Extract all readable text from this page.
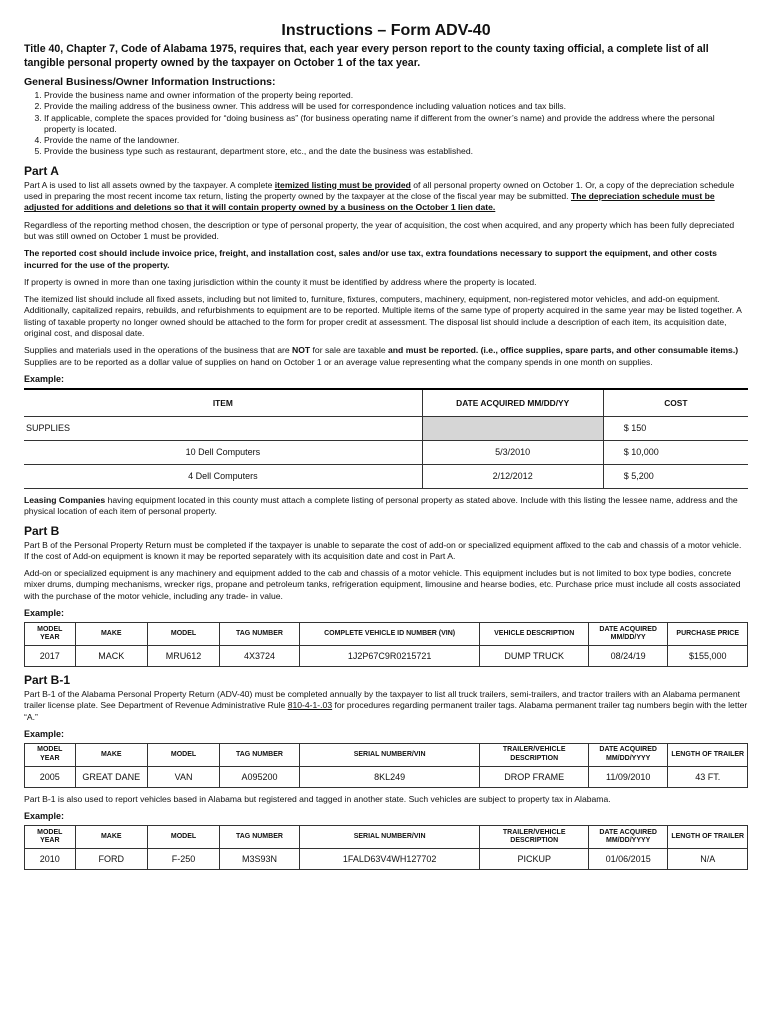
Instructions – Form ADV-40
Title 40, Chapter 7, Code of Alabama 1975, requires that, each year every person report to the county taxing official, a complete list of all tangible personal property owned by the taxpayer on October 1 of the tax year.
General Business/Owner Information Instructions:
1. Provide the business name and owner information of the property being reported.
2. Provide the mailing address of the business owner. This address will be used for correspondence including valuation notices and tax bills.
3. If applicable, complete the spaces provided for “doing business as” (for business operating name if different from the owner’s name) and provide the address where the personal property is located.
4. Provide the name of the landowner.
5. Provide the business type such as restaurant, department store, etc., and the date the business was established.
Part A

Part A is used to list all assets owned by the taxpayer. A complete itemized listing must be provided of all personal property owned on October 1. Or, a copy of the depreciation schedule used in preparing the most recent income tax return, listing the property owned by the taxpayer at the close of the fiscal year may be submitted. The depreciation schedule must be adjusted for additions and deletions so that it will contain property owned by a business on the October 1 lien date.

Regardless of the reporting method chosen, the description or type of personal property, the year of acquisition, the cost when acquired, and any property which has been fully depreciated but was still owned on October 1 must be provided.

The reported cost should include invoice price, freight, and installation cost, sales and/or use tax, extra foundations necessary to support the equipment, and other costs incurred for the use of the property.

If property is owned in more than one taxing jurisdiction within the county it must be identified by address where the property is located.

The itemized list should include all fixed assets, including but not limited to, furniture, fixtures, computers, machinery, equipment, non-registered motor vehicles, and add-on equipment. Additionally, capitalized repairs, rebuilds, and refurbishments to equipment are to be reported. Multiple items of the same type of property acquired in the same year may be listed together. A listing of taxable property no longer owned should be attached to the form for proper credit at assessment. The disposal list should include a description of each item, its acquisition date, original cost, and disposal date.

Supplies and materials used in the operations of the business that are NOT for sale are taxable and must be reported. (i.e., office supplies, spare parts, and other consumable items.) Supplies are to be reported as a dollar value of supplies on hand on October 1 or an average value representing what the company spends in one month on supplies.

Example:
ITEM	DATE ACQUIRED MM/DD/YY	COST
SUPPLIES		$ 150
10 Dell Computers	5/3/2010	$ 10,000
4 Dell Computers	2/12/2012	$ 5,200

Leasing Companies having equipment located in this county must attach a complete listing of personal property as stated above. Include with this listing the lessee name, address and the physical location of each item of personal property.

Part B

Part B of the Personal Property Return must be completed if the taxpayer is unable to separate the cost of add-on or specialized equipment affixed to the cab and chassis of a motor vehicle. If the cost of Add-on equipment is known it may be reported separately with its acquisition date and cost in Part A.

Add-on or specialized equipment is any machinery and equipment added to the cab and chassis of a motor vehicle. This equipment includes but is not limited to box type bodies, concrete mixer drums, dumping mechanisms, wrecker rigs, propane and petroleum tanks, refrigeration equipment, limousine and hearse bodies, etc. Purchase price must include all costs associated with the purchase of the motor vehicle, including any trade- in value.

Example:
MODEL YEAR	MAKE	MODEL	TAG NUMBER	COMPLETE VEHICLE ID NUMBER (VIN)	VEHICLE DESCRIPTION	DATE ACQUIRED MM/DD/YY	PURCHASE PRICE
2017	MACK	MRU612	4X3724	1J2P67C9R0215721	DUMP TRUCK	08/24/19	$155,000
Part B-1

Part B-1 of the Alabama Personal Property Return (ADV-40) must be completed annually by the taxpayer to list all truck trailers, semi-trailers, and tractor trailers with an Alabama permanent trailer license plate. See Department of Revenue Administrative Rule 810-4-1-.03 for procedures regarding permanent trailer tags. Alabama permanent trailer tag numbers begin with the letter “A.”

Example:
MODEL YEAR	MAKE	MODEL	TAG NUMBER	SERIAL NUMBER/VIN	TRAILER/VEHICLE DESCRIPTION	DATE ACQUIRED MM/DD/YYYY	LENGTH OF TRAILER
2005	GREAT DANE	VAN	A095200	8KL249	DROP FRAME	11/09/2010	43 FT.

Part B-1 is also used to report vehicles based in Alabama but registered and tagged in another state. Such vehicles are subject to property tax in Alabama.

Example:
MODEL YEAR	MAKE	MODEL	TAG NUMBER	SERIAL NUMBER/VIN	TRAILER/VEHICLE DESCRIPTION	DATE ACQUIRED MM/DD/YYYY	LENGTH OF TRAILER
2010	FORD	F-250	M3S93N	1FALD63V4WH127702	PICKUP	01/06/2015	N/A
